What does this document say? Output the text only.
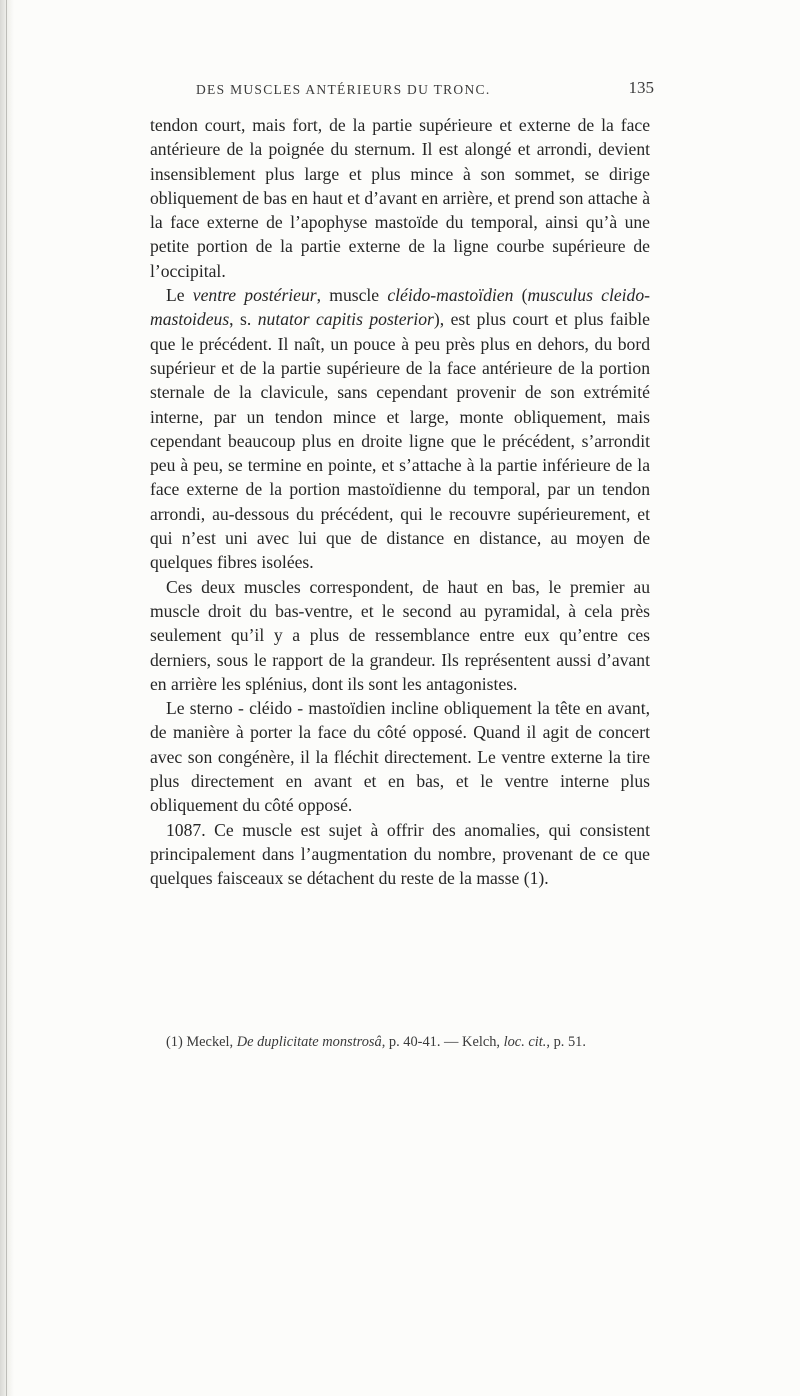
DES MUSCLES ANTÉRIEURS DU TRONC.	135

tendon court, mais fort, de la partie supérieure et externe de la face antérieure de la poignée du sternum. Il est alongé et arrondi, devient insensiblement plus large et plus mince à son sommet, se dirige obliquement de bas en haut et d’avant en arrière, et prend son attache à la face externe de l’apophyse mastoïde du temporal, ainsi qu’à une petite portion de la partie externe de la ligne courbe supérieure de l’occipital.

Le ventre postérieur, muscle cléido-mastoïdien (musculus cleido-mastoideus, s. nutator capitis posterior), est plus court et plus faible que le précédent. Il naît, un pouce à peu près plus en dehors, du bord supérieur et de la partie supérieure de la face antérieure de la portion sternale de la clavicule, sans cependant provenir de son extrémité interne, par un tendon mince et large, monte obliquement, mais cependant beaucoup plus en droite ligne que le précédent, s’arrondit peu à peu, se termine en pointe, et s’attache à la partie inférieure de la face externe de la portion mastoïdienne du temporal, par un tendon arrondi, au-dessous du précédent, qui le recouvre supérieurement, et qui n’est uni avec lui que de distance en distance, au moyen de quelques fibres isolées.

Ces deux muscles correspondent, de haut en bas, le premier au muscle droit du bas-ventre, et le second au pyramidal, à cela près seulement qu’il y a plus de ressemblance entre eux qu’entre ces derniers, sous le rapport de la grandeur. Ils représentent aussi d’avant en arrière les splénius, dont ils sont les antagonistes.

Le sterno - cléido - mastoïdien incline obliquement la tête en avant, de manière à porter la face du côté opposé. Quand il agit de concert avec son congénère, il la fléchit directement. Le ventre externe la tire plus directement en avant et en bas, et le ventre interne plus obliquement du côté opposé.

1087. Ce muscle est sujet à offrir des anomalies, qui consistent principalement dans l’augmentation du nombre, provenant de ce que quelques faisceaux se détachent du reste de la masse (1).

(1) Meckel, De duplicitate monstrosâ, p. 40-41. — Kelch, loc. cit., p. 51.
